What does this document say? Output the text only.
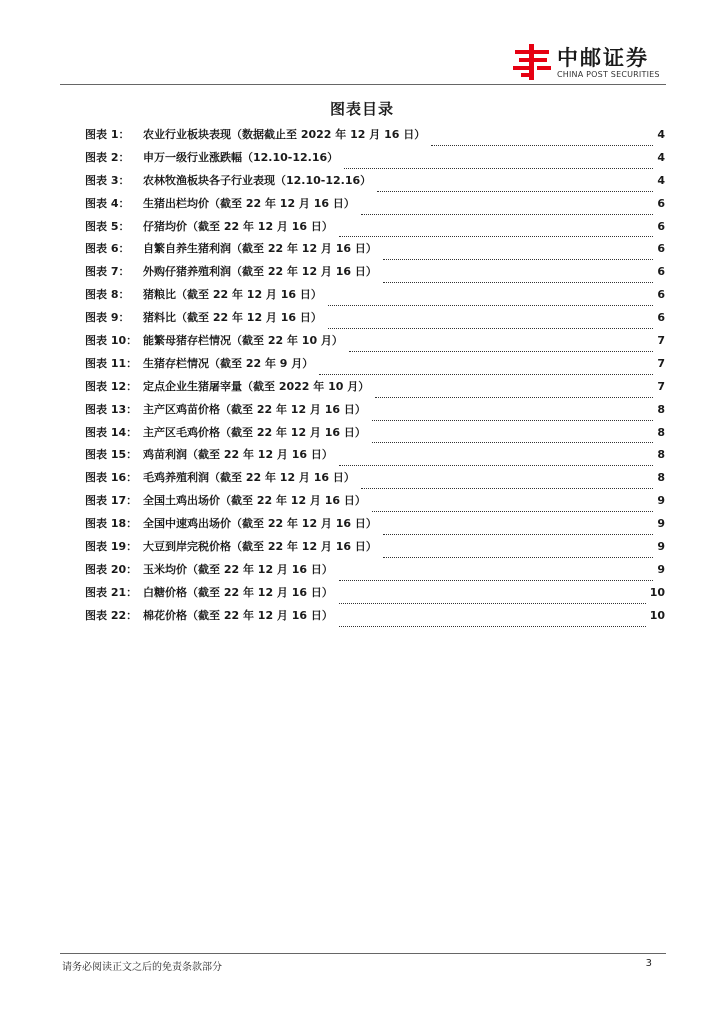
中邮证券
CHINA POST SECURITIES
图表目录
图表 1：	农业行业板块表现（数据截止至 2022 年 12 月 16 日）	4
图表 2：	申万一级行业涨跌幅（12.10-12.16）	4
图表 3：	农林牧渔板块各子行业表现（12.10-12.16）	4
图表 4：	生猪出栏均价（截至 22 年 12 月 16 日）	6
图表 5：	仔猪均价（截至 22 年 12 月 16 日）	6
图表 6：	自繁自养生猪利润（截至 22 年 12 月 16 日）	6
图表 7：	外购仔猪养殖利润（截至 22 年 12 月 16 日）	6
图表 8：	猪粮比（截至 22 年 12 月 16 日）	6
图表 9：	猪料比（截至 22 年 12 月 16 日）	6
图表 10： 能繁母猪存栏情况（截至 22 年 10 月）	7
图表 11： 生猪存栏情况（截至 22 年 9 月）	7
图表 12： 定点企业生猪屠宰量（截至 2022 年 10 月）	7
图表 13： 主产区鸡苗价格（截至 22 年 12 月 16 日）	8
图表 14： 主产区毛鸡价格（截至 22 年 12 月 16 日）	8
图表 15： 鸡苗利润（截至 22 年 12 月 16 日）	8
图表 16： 毛鸡养殖利润（截至 22 年 12 月 16 日）	8
图表 17： 全国土鸡出场价（截至 22 年 12 月 16 日）	9
图表 18： 全国中速鸡出场价（截至 22 年 12 月 16 日）	9
图表 19： 大豆到岸完税价格（截至 22 年 12 月 16 日）	9
图表 20： 玉米均价（截至 22 年 12 月 16 日）	9
图表 21： 白糖价格（截至 22 年 12 月 16 日）	10
图表 22： 棉花价格（截至 22 年 12 月 16 日）	10
请务必阅读正文之后的免责条款部分	3
